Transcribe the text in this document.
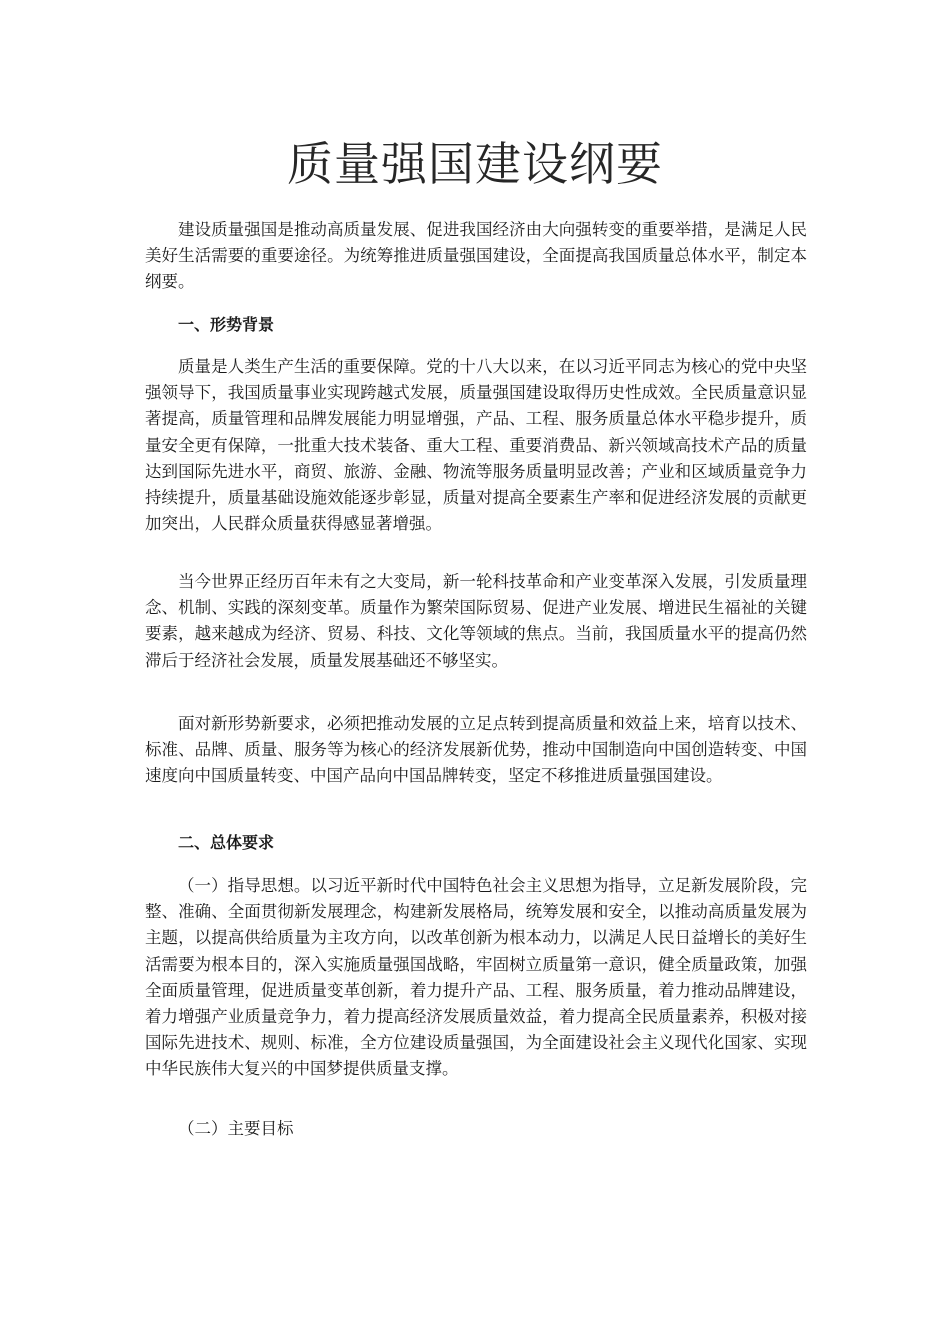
质量强国建设纲要

建设质量强国是推动高质量发展、促进我国经济由大向强转变的重要举措，是满足人民美好生活需要的重要途径。为统筹推进质量强国建设，全面提高我国质量总体水平，制定本纲要。

一、形势背景

质量是人类生产生活的重要保障。党的十八大以来，在以习近平同志为核心的党中央坚强领导下，我国质量事业实现跨越式发展，质量强国建设取得历史性成效。全民质量意识显著提高，质量管理和品牌发展能力明显增强，产品、工程、服务质量总体水平稳步提升，质量安全更有保障，一批重大技术装备、重大工程、重要消费品、新兴领域高技术产品的质量达到国际先进水平，商贸、旅游、金融、物流等服务质量明显改善；产业和区域质量竞争力持续提升，质量基础设施效能逐步彰显，质量对提高全要素生产率和促进经济发展的贡献更加突出，人民群众质量获得感显著增强。

当今世界正经历百年未有之大变局，新一轮科技革命和产业变革深入发展，引发质量理念、机制、实践的深刻变革。质量作为繁荣国际贸易、促进产业发展、增进民生福祉的关键要素，越来越成为经济、贸易、科技、文化等领域的焦点。当前，我国质量水平的提高仍然滞后于经济社会发展，质量发展基础还不够坚实。

面对新形势新要求，必须把推动发展的立足点转到提高质量和效益上来，培育以技术、标准、品牌、质量、服务等为核心的经济发展新优势，推动中国制造向中国创造转变、中国速度向中国质量转变、中国产品向中国品牌转变，坚定不移推进质量强国建设。

二、总体要求

（一）指导思想。以习近平新时代中国特色社会主义思想为指导，立足新发展阶段，完整、准确、全面贯彻新发展理念，构建新发展格局，统筹发展和安全，以推动高质量发展为主题，以提高供给质量为主攻方向，以改革创新为根本动力，以满足人民日益增长的美好生活需要为根本目的，深入实施质量强国战略，牢固树立质量第一意识，健全质量政策，加强全面质量管理，促进质量变革创新，着力提升产品、工程、服务质量，着力推动品牌建设，着力增强产业质量竞争力，着力提高经济发展质量效益，着力提高全民质量素养，积极对接国际先进技术、规则、标准，全方位建设质量强国，为全面建设社会主义现代化国家、实现中华民族伟大复兴的中国梦提供质量支撑。

（二）主要目标
